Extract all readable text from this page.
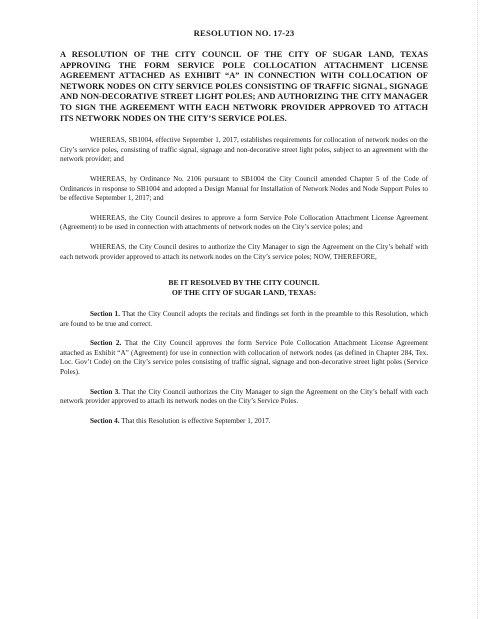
RESOLUTION NO. 17-23
A RESOLUTION OF THE CITY COUNCIL OF THE CITY OF SUGAR LAND, TEXAS APPROVING THE FORM SERVICE POLE COLLOCATION ATTACHMENT LICENSE AGREEMENT ATTACHED AS EXHIBIT “A” IN CONNECTION WITH COLLOCATION OF NETWORK NODES ON CITY SERVICE POLES CONSISTING OF TRAFFIC SIGNAL, SIGNAGE AND NON-DECORATIVE STREET LIGHT POLES; AND AUTHORIZING THE CITY MANAGER TO SIGN THE AGREEMENT WITH EACH NETWORK PROVIDER APPROVED TO ATTACH ITS NETWORK NODES ON THE CITY’S SERVICE POLES.

WHEREAS, SB1004, effective September 1, 2017, establishes requirements for collocation of network nodes on the City’s service poles, consisting of traffic signal, signage and non-decorative street light poles, subject to an agreement with the network provider; and

WHEREAS, by Ordinance No. 2106 pursuant to SB1004 the City Council amended Chapter 5 of the Code of Ordinances in response to SB1004 and adopted a Design Manual for Installation of Network Nodes and Node Support Poles to be effective September 1, 2017; and

WHEREAS, the City Council desires to approve a form Service Pole Collocation Attachment License Agreement (Agreement) to be used in connection with attachments of network nodes on the City’s service poles; and

WHEREAS, the City Council desires to authorize the City Manager to sign the Agreement on the City’s behalf with each network provider approved to attach its network nodes on the City’s service poles; NOW, THEREFORE,

BE IT RESOLVED BY THE CITY COUNCIL
OF THE CITY OF SUGAR LAND, TEXAS:

Section 1. That the City Council adopts the recitals and findings set forth in the preamble to this Resolution, which are found to be true and correct.

Section 2. That the City Council approves the form Service Pole Collocation Attachment License Agreement attached as Exhibit “A” (Agreement) for use in connection with collocation of network nodes (as defined in Chapter 284, Tex. Loc. Gov’t Code) on the City’s service poles consisting of traffic signal, signage and non-decorative street light poles (Service Poles).

Section 3. That the City Council authorizes the City Manager to sign the Agreement on the City’s behalf with each network provider approved to attach its network nodes on the City’s Service Poles.

Section 4. That this Resolution is effective September 1, 2017.
